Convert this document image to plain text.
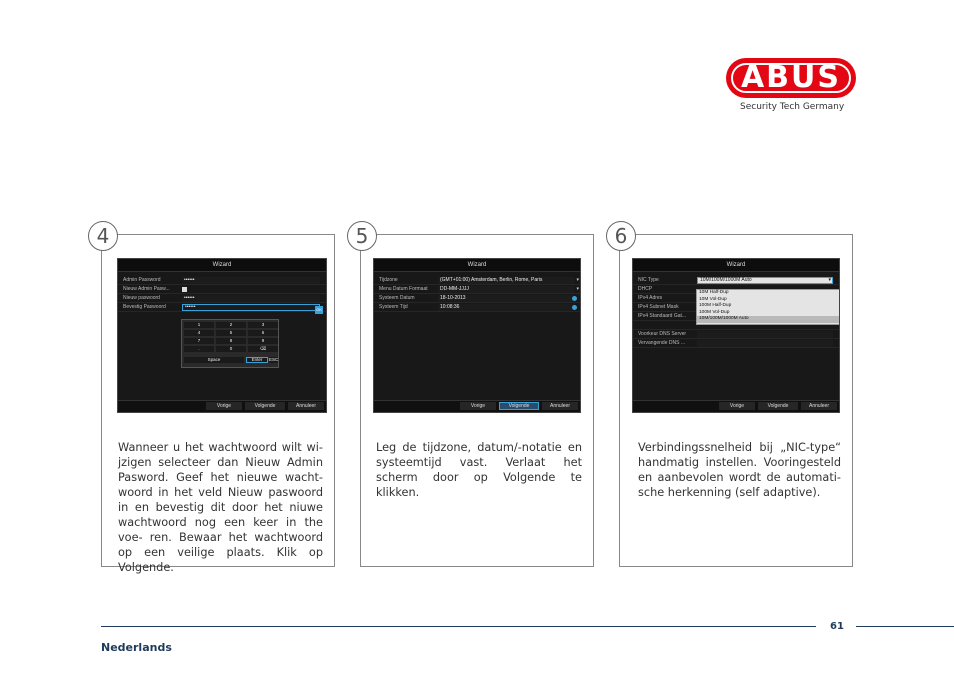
ABUS
Security Tech Germany
4
Wizard
Admin Password	••••••
Nieuw Admin Pasw...
Nieuw paswoord	••••••
Bevestig Paswoord	••••••	OK
1	2	3
4	5	6
7	8	9
.	0	⌫
Space	Enter	ESC
Vorige	Volgende	Annuleer
Wanneer u het wachtwoord wilt wi- jzigen selecteer dan Nieuw Admin Pasword. Geef het nieuwe wacht- woord in het veld Nieuw paswoord in en bevestig dit door het niuwe wachtwoord nog een keer in the voe- ren. Bewaar het wachtwoord op een veilige plaats. Klik op Volgende.
5
Wizard
Tijdzone	(GMT+01:00) Amsterdam, Berlin, Rome, Paris	▾
Menu Datum Formaat	DD-MM-JJJJ	▾
Systeem Datum	18-10-2013
Systeem Tijd	10:08:36
Vorige	Volgende	Annuleer
Leg de tijdzone, datum/-notatie en systeemtijd vast. Verlaat het scherm door op Volgende te klikken.
6
Wizard
NIC Type	10M/100M/1000M Auto	▾
DHCP
IPv4 Adres
IPv4 Subnet Mask
IPv4 Standaard Gat...
Voorkeur DNS Server
Vervangende DNS ...
10M Half-Dup
10M Vol-Dup
100M Half-Dup
100M Vol-Dup
10M/100M/1000M Auto
Vorige	Volgende	Annuleer
Verbindingssnelheid bij „NIC-type“ handmatig instellen. Vooringesteld en aanbevolen wordt de automati- sche herkenning (self adaptive).
61
Nederlands
